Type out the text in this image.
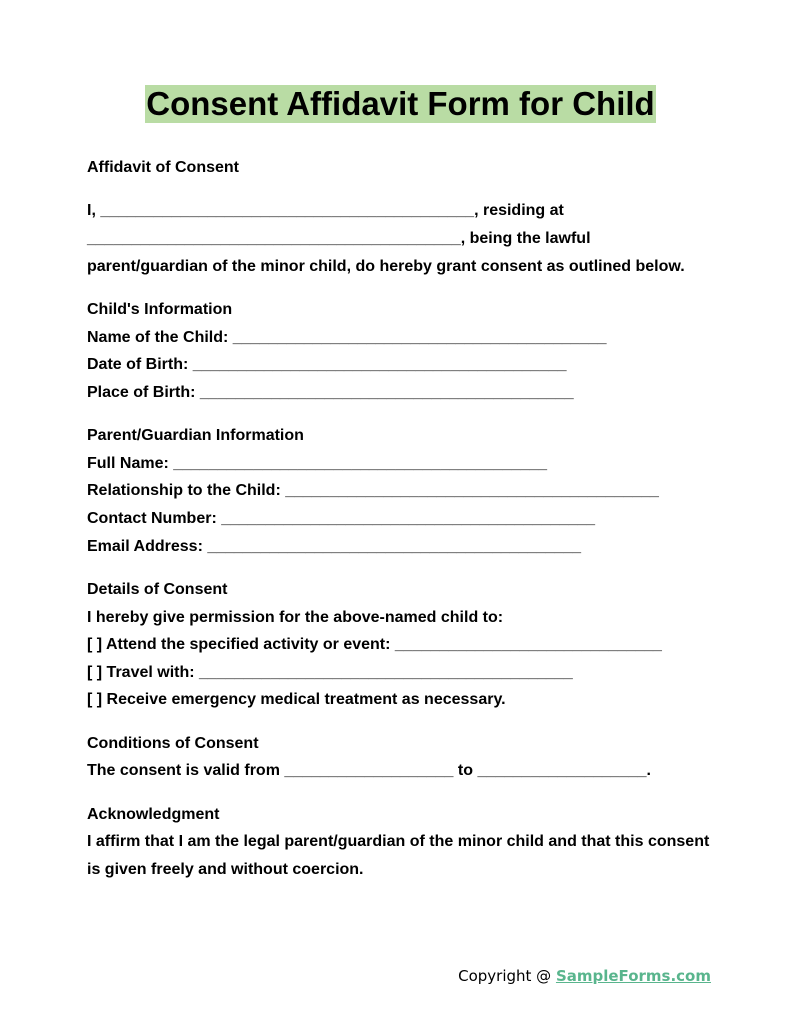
Consent Affidavit Form for Child
Affidavit of Consent
I, __________________________________________, residing at
__________________________________________, being the lawful
parent/guardian of the minor child, do hereby grant consent as outlined below.
Child's Information
Name of the Child: __________________________________________
Date of Birth: __________________________________________
Place of Birth: __________________________________________
Parent/Guardian Information
Full Name: __________________________________________
Relationship to the Child: __________________________________________
Contact Number: __________________________________________
Email Address: __________________________________________
Details of Consent
I hereby give permission for the above-named child to:
[ ] Attend the specified activity or event: ______________________________
[ ] Travel with: __________________________________________
[ ] Receive emergency medical treatment as necessary.
Conditions of Consent
The consent is valid from ___________________ to ___________________.
Acknowledgment
I affirm that I am the legal parent/guardian of the minor child and that this consent
is given freely and without coercion.
Copyright @ SampleForms.com
